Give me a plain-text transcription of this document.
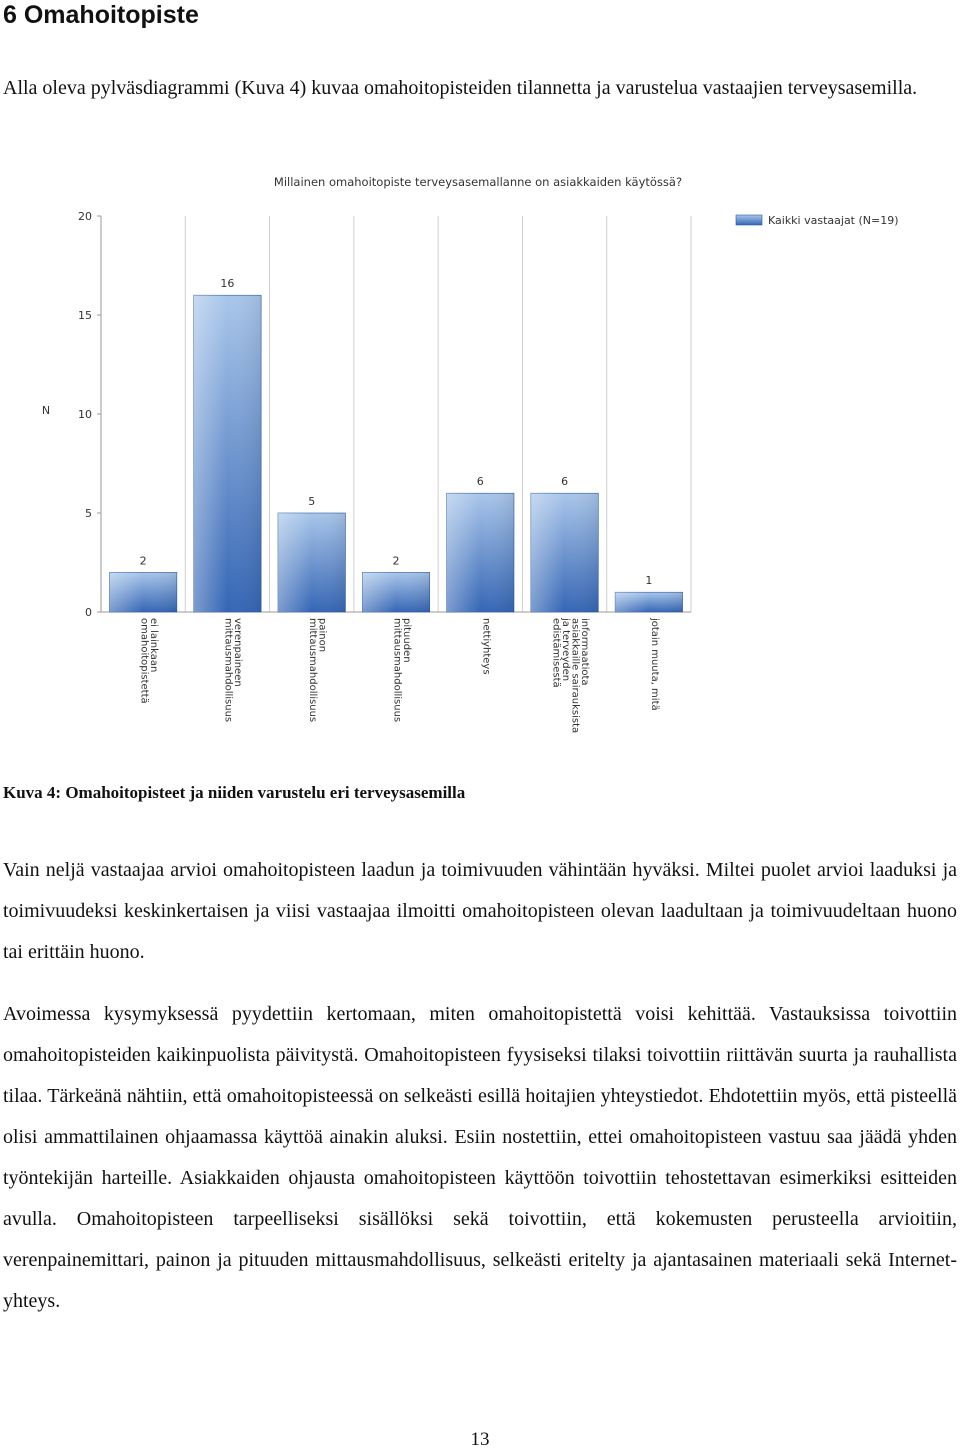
6 Omahoitopiste

Alla oleva pylväsdiagrammi (Kuva 4) kuvaa omahoitopisteiden tilannetta ja varustelua vastaajien terveysasemilla.

Millainen omahoitopiste terveysasemallanne on asiakkaiden käytössä?
0
5
10
15
20
N
2
16
5
2
6	6
1
ei lainkaan
omahoitopistettä	verenpaineen
mittausmahdollisuus	painon
mittausmahdollisuus	pituuden
mittausmahdollisuus	nettiyhteys	informaatiota
asiakkaille sairauksista
ja terveyden
edistämisestä	jotain muuta, mitä
Kaikki vastaajat (N=19)

Kuva 4: Omahoitopisteet ja niiden varustelu eri terveysasemilla

Vain neljä vastaajaa arvioi omahoitopisteen laadun ja toimivuuden vähintään hyväksi. Miltei puolet arvioi laaduksi ja toimivuudeksi keskinkertaisen ja viisi vastaajaa ilmoitti omahoitopisteen olevan laadultaan ja toimivuudeltaan huono tai erittäin huono.

Avoimessa kysymyksessä pyydettiin kertomaan, miten omahoitopistettä voisi kehittää. Vastauksissa toivottiin omahoitopisteiden kaikinpuolista päivitystä. Omahoitopisteen fyysiseksi tilaksi toivottiin riittävän suurta ja rauhallista tilaa. Tärkeänä nähtiin, että omahoitopisteessä on selkeästi esillä hoitajien yhteystiedot. Ehdotettiin myös, että pisteellä olisi ammattilainen ohjaamassa käyttöä ainakin aluksi. Esiin nostettiin, ettei omahoitopisteen vastuu saa jäädä yhden työntekijän harteille. Asiakkaiden ohjausta omahoitopisteen käyttöön toivottiin tehostettavan esimerkiksi esitteiden avulla. Omahoitopisteen tarpeelliseksi sisällöksi sekä toivottiin, että kokemusten perusteella arvioitiin, verenpainemittari, painon ja pituuden mittausmahdollisuus, selkeästi eritelty ja ajantasainen materiaali sekä Internet-yhteys.

13
